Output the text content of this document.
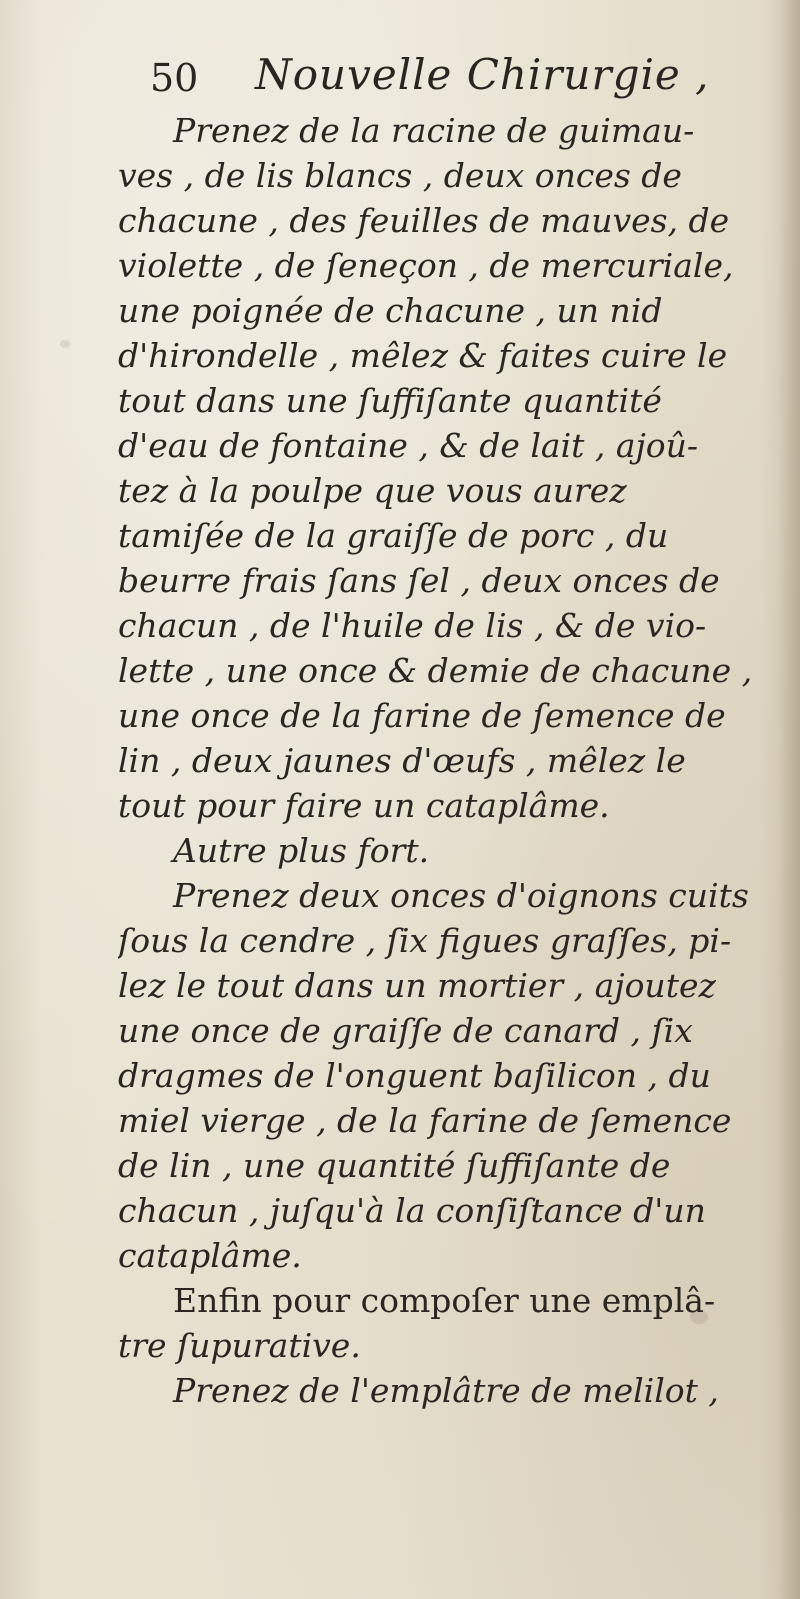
50 Nouvelle Chirurgie ,
Prenez de la racine de guimau-
ves , de lis blancs , deux onces de
chacune , des feuilles de mauves, de
violette , de ſeneçon , de mercuriale,
une poignée de chacune , un nid
d'hirondelle , mêlez & faites cuire le
tout dans une ſuffiſante quantité
d'eau de fontaine , & de lait , ajoû-
tez à la poulpe que vous aurez
tamiſée de la graiſſe de porc , du
beurre frais ſans ſel , deux onces de
chacun , de l'huile de lis , & de vio-
lette , une once & demie de chacune ,
une once de la farine de ſemence de
lin , deux jaunes d'œufs , mêlez le
tout pour faire un cataplâme.
Autre plus fort.
Prenez deux onces d'oignons cuits
ſous la cendre , ſix figues graſſes, pi-
lez le tout dans un mortier , ajoutez
une once de graiſſe de canard , ſix
dragmes de l'onguent baſilicon , du
miel vierge , de la farine de ſemence
de lin , une quantité ſuffiſante de
chacun , juſqu'à la conſiſtance d'un
cataplâme.
Enfin pour compoſer une emplâ-
tre ſupurative.
Prenez de l'emplâtre de melilot ,
